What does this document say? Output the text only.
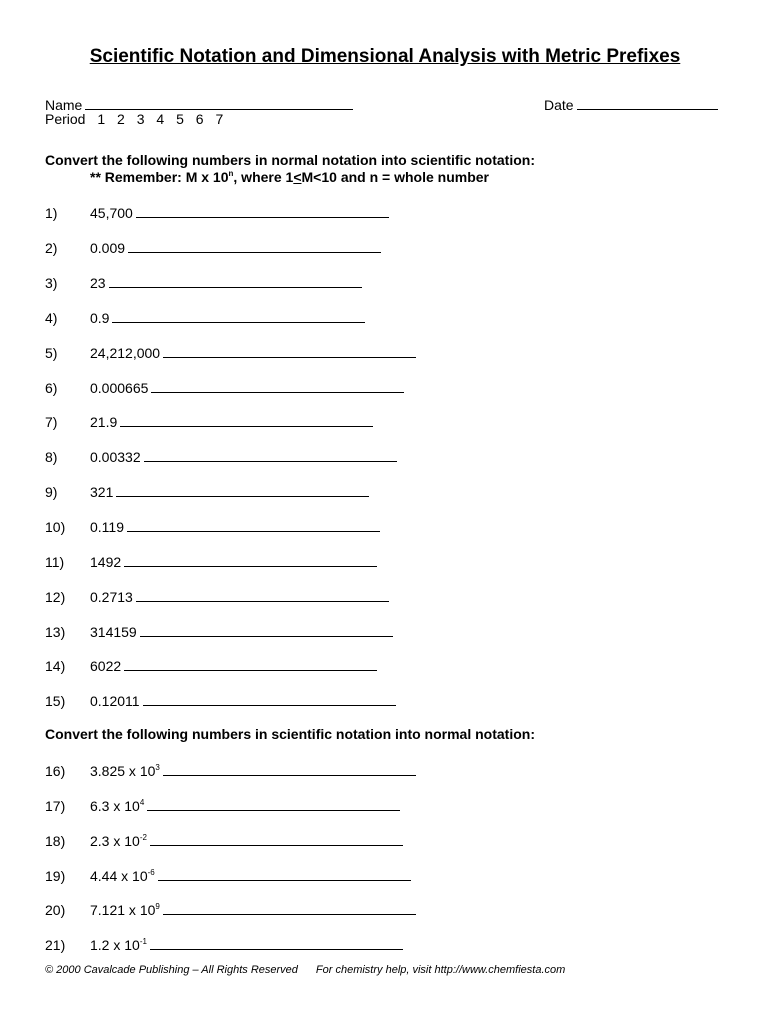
Scientific Notation and Dimensional Analysis with Metric Prefixes
Name	Date
Period 1 2 3 4 5 6 7
Convert the following numbers in normal notation into scientific notation:
** Remember: M x 10$^n$, where 1<M<10 and n = whole number
1) 45,700
2) 0.009
3) 23
4) 0.9
5) 24,212,000
6) 0.000665
7) 21.9
8) 0.00332
9) 321
10) 0.119
11) 1492
12) 0.2713
13) 314159
14) 6022
15) 0.12011
Convert the following numbers in scientific notation into normal notation:
16) 3.825 x $10^3$
17) 6.3 x $10^4$
18) 2.3 x $10^{-2}$
19) 4.44 x $10^{-6}$
20) 7.121 x $10^9$
21) 1.2 x $10^{-1}$
© 2000 Cavalcade Publishing – All Rights Reserved For chemistry help, visit http://www.chemfiesta.com
